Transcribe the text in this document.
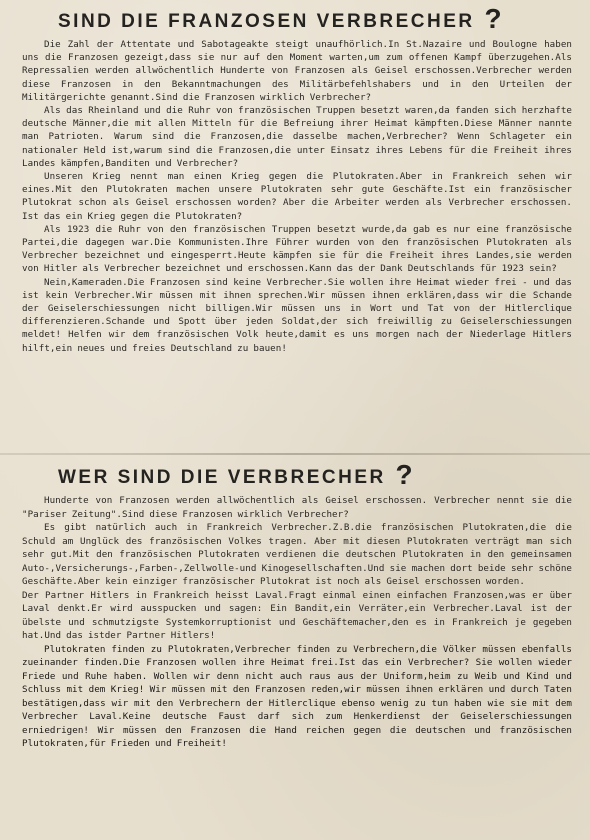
SIND DIE FRANZOSEN VERBRECHER ?

Die Zahl der Attentate und Sabotageakte steigt unaufhörlich.In St.Nazaire und Boulogne haben uns die Franzosen gezeigt,dass sie nur auf den Moment warten,um zum offenen Kampf überzugehen.Als Repressalien werden allwöchentlich Hunderte von Franzosen als Geisel erschossen.Verbrecher werden diese Franzosen in den Bekanntmachungen des Militärbefehlshabers und in den Urteilen der Militärgerichte genannt.Sind die Franzosen wirklich Verbrecher?

Als das Rheinland und die Ruhr von französischen Truppen besetzt waren,da fanden sich herzhafte deutsche Männer,die mit allen Mitteln für die Befreiung ihrer Heimat kämpften.Diese Männer nannte man Patrioten. Warum sind die Franzosen,die dasselbe machen,Verbrecher? Wenn Schlageter ein nationaler Held ist,warum sind die Franzosen,die unter Einsatz ihres Lebens für die Freiheit ihres Landes kämpfen,Banditen und Verbrecher?

Unseren Krieg nennt man einen Krieg gegen die Plutokraten.Aber in Frankreich sehen wir eines.Mit den Plutokraten machen unsere Plutokraten sehr gute Geschäfte.Ist ein französischer Plutokrat schon als Geisel erschossen worden? Aber die Arbeiter werden als Verbrecher erschossen. Ist das ein Krieg gegen die Plutokraten?

Als 1923 die Ruhr von den französischen Truppen besetzt wurde,da gab es nur eine französische Partei,die dagegen war.Die Kommunisten.Ihre Führer wurden von den französischen Plutokraten als Verbrecher bezeichnet und eingesperrt.Heute kämpfen sie für die Freiheit ihres Landes,sie werden von Hitler als Verbrecher bezeichnet und erschossen.Kann das der Dank Deutschlands für 1923 sein?

Nein,Kameraden.Die Franzosen sind keine Verbrecher.Sie wollen ihre Heimat wieder frei - und das ist kein Verbrecher.Wir müssen mit ihnen sprechen.Wir müssen ihnen erklären,dass wir die Schande der Geiselerschiessungen nicht billigen.Wir müssen uns in Wort und Tat von der Hitlerclique differenzieren.Schande und Spott über jeden Soldat,der sich freiwillig zu Geiselerschiessungen meldet! Helfen wir dem französischen Volk heute,damit es uns morgen nach der Niederlage Hitlers hilft,ein neues und freies Deutschland zu bauen!

WER SIND DIE VERBRECHER ?

Hunderte von Franzosen werden allwöchentlich als Geisel erschossen. Verbrecher nennt sie die "Pariser Zeitung".Sind diese Franzosen wirklich Verbrecher?

Es gibt natürlich auch in Frankreich Verbrecher.Z.B.die französischen Plutokraten,die die Schuld am Unglück des französischen Volkes tragen. Aber mit diesen Plutokraten verträgt man sich sehr gut.Mit den französischen Plutokraten verdienen die deutschen Plutokraten in den gemeinsamen Auto-,Versicherungs-,Farben-,Zellwolle-und Kinogesellschaften.Und sie machen dort beide sehr schöne Geschäfte.Aber kein einziger französischer Plutokrat ist noch als Geisel erschossen worden.

Der Partner Hitlers in Frankreich heisst Laval.Fragt einmal einen einfachen Franzosen,was er über Laval denkt.Er wird ausspucken und sagen: Ein Bandit,ein Verräter,ein Verbrecher.Laval ist der übelste und schmutzigste Systemkorruptionist und Geschäftemacher,den es in Frankreich je gegeben hat.Und das istder Partner Hitlers!

Plutokraten finden zu Plutokraten,Verbrecher finden zu Verbrechern,die Völker müssen ebenfalls zueinander finden.Die Franzosen wollen ihre Heimat frei.Ist das ein Verbrecher? Sie wollen wieder Friede und Ruhe haben. Wollen wir denn nicht auch raus aus der Uniform,heim zu Weib und Kind und Schluss mit dem Krieg! Wir müssen mit den Franzosen reden,wir müssen ihnen erklären und durch Taten bestätigen,dass wir mit den Verbrechern der Hitlerclique ebenso wenig zu tun haben wie sie mit dem Verbrecher Laval.Keine deutsche Faust darf sich zum Henkerdienst der Geiselerschiessungen erniedrigen! Wir müssen den Franzosen die Hand reichen gegen die deutschen und französischen Plutokraten,für Frieden und Freiheit!
